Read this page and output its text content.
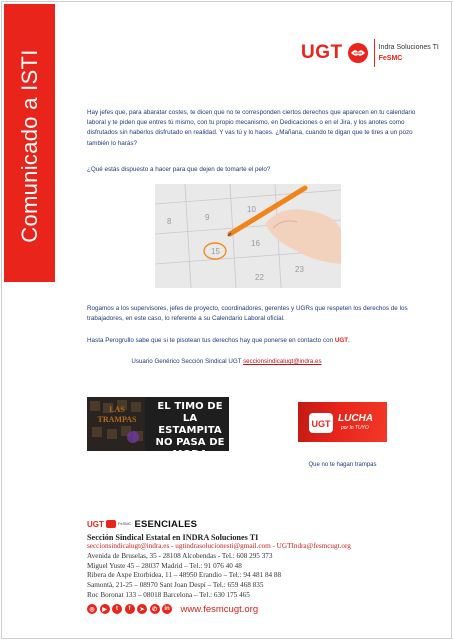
Comunicado a ISTI	UGT	Indra Soluciones TI
FeSMC

Hay jefes que, para abaratar costes, te dicen que no te corresponden ciertos derechos que aparecen en tu calendario laboral y te piden que entres tú mismo, con tu propio mecanismo, en Dedicaciones o en el Jira, y los anotes como disfrutados sin haberlos disfrutado en realidad. Y vas tú y lo haces. ¿Mañana, cuando te digan que te tires a un pozo también lo harás?

¿Qué estás dispuesto a hacer para que dejen de tomarte el pelo?

8
15
22
9
16
23
10

Rogamos a los supervisores, jefes de proyecto, coordinadores, gerentes y UGRs que respeten los derechos de los trabajadores, en este caso, lo referente a su Calendario Laboral oficial.

Hasta Perogrullo sabe que si te pisotean tus derechos hay que ponerse en contacto con UGT.

Usuario Genérico Sección Sindical UGT seccionsindicalugt@indra.es
LAS TRAMPAS
EL TIMO DE LA ESTAMPITA NO PASA DE MODA
UGT LUCHA
por lo TUYO
Que no te hagan trampas
UGT	FeSMC ESENCIALES
Sección Sindical Estatal en INDRA Soluciones TI
seccionsindicalugt@indra.es - ugtindrasolucionesti@gmail.com - UGTIndra@fesmcugt.org
Avenida de Bruselas, 35 - 28108 Alcobendas - Tel.: 608 295 373
Miguel Yuste 45 – 28037 Madrid – Tel.: 91 076 40 48
Ribera de Axpe Etorbidea, 11 – 48950 Erandio – Tel.: 94 481 84 88
Samontà, 21-25 – 08970 Sant Joan Despí – Tel.: 659 468 835
Roc Boronat 133 – 08018 Barcelona – Tel.: 630 175 465
◎	▶	t	f	➤	✆	in www.fesmcugt.org
